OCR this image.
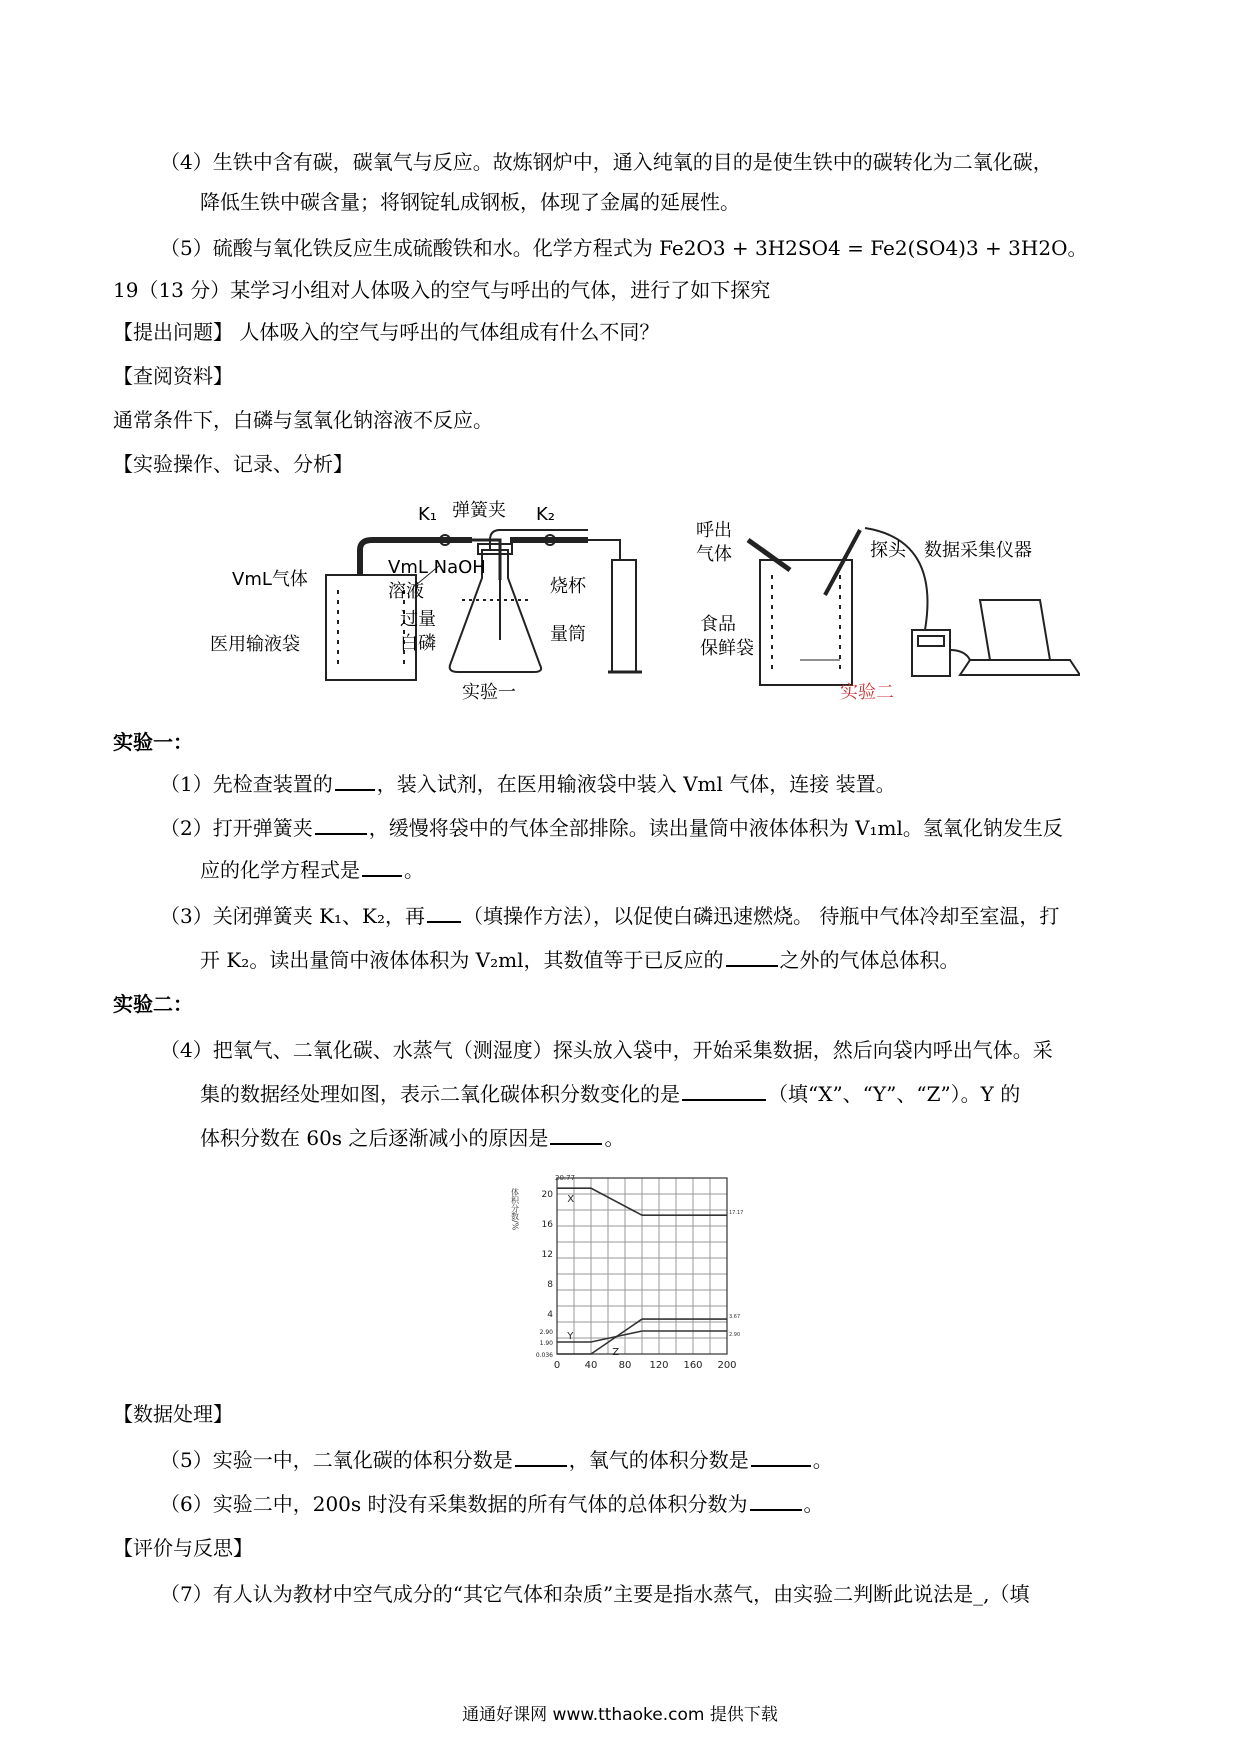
（4）生铁中含有碳，碳氧气与反应。故炼钢炉中，通入纯氧的目的是使生铁中的碳转化为二氧化碳，
降低生铁中碳含量；将钢锭轧成钢板，体现了金属的延展性。
（5）硫酸与氧化铁反应生成硫酸铁和水。化学方程式为 Fe2O3 + 3H2SO4 = Fe2(SO4)3 + 3H2O。
19（13 分）某学习小组对人体吸入的空气与呼出的气体，进行了如下探究
【提出问题】 人体吸入的空气与呼出的气体组成有什么不同？
【查阅资料】
通常条件下，白磷与氢氧化钠溶液不反应。
【实验操作、记录、分析】
K₁ 弹簧夹 K₂
VmL气体
VmL NaOH
溶液	烧杯
过量
白磷
医用输液袋	量筒
实验一
呼出
气体	探头 数据采集仪器
食品
保鲜袋
实验二
实验一：
（1）先检查装置的 ，装入试剂，在医用输液袋中装入 Vml 气体，连接 装置。
（2）打开弹簧夹	，缓慢将袋中的气体全部排除。读出量筒中液体体积为 V₁ml。氢氧化钠发生反
应的化学方程式是 。
（3）关闭弹簧夹 K₁、K₂，再 （填操作方法），以促使白磷迅速燃烧。 待瓶中气体冷却至室温，打
开 K₂。读出量筒中液体体积为 V₂ml，其数值等于已反应的	之外的气体总体积。
实验二：
（4）把氧气、二氧化碳、水蒸气（测湿度）探头放入袋中，开始采集数据，然后向袋内呼出气体。采
集的数据经处理如图，表示二氧化碳体积分数变化的是	（填“X”、“Y”、“Z”）。Y 的
体积分数在 60s 之后逐渐减小的原因是	。
体积分数/%
20.77
0.036
1.90
2.90
4
8
12
16
20
0 40 80 120 160 200
X
17.17
Y	2.90
Z
3.67
【数据处理】
（5）实验一中，二氧化碳的体积分数是	，氧气的体积分数是	。
（6）实验二中，200s 时没有采集数据的所有气体的总体积分数为	。
【评价与反思】
（7）有人认为教材中空气成分的“其它气体和杂质”主要是指水蒸气，由实验二判断此说法是_,（填
通通好课网 www.tthaoke.com 提供下载
